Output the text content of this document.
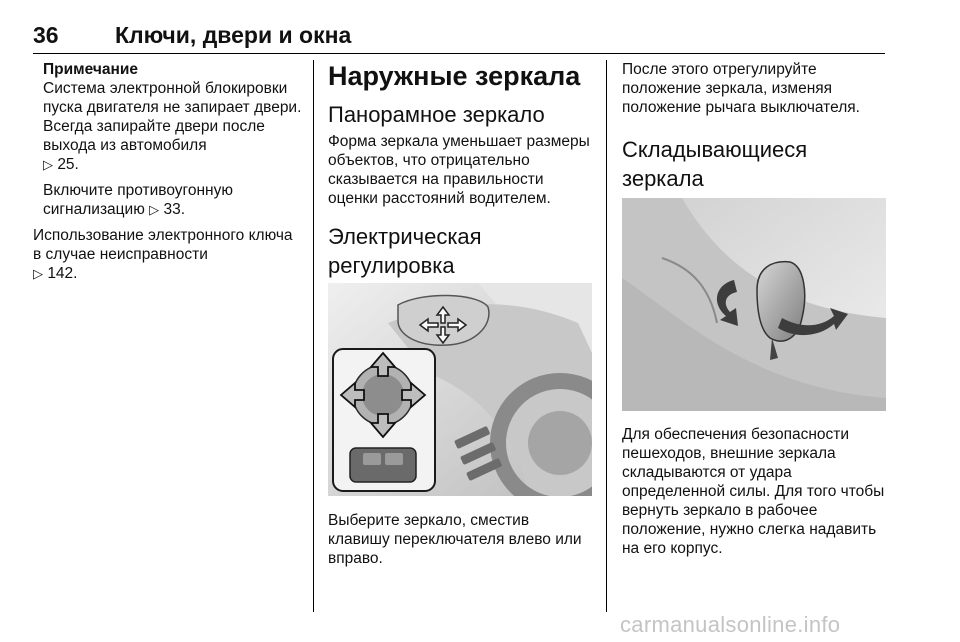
36 Ключи, двери и окна

Примечание

Система электронной блокировки пуска двигателя не запирает двери. Всегда запирайте двери после выхода из автомобиля
▷ 25.

Включите противоугонную сигнализацию ▷ 33.

Использование электронного ключа в случае неисправности
▷ 142.

Наружные зеркала
Панорамное зеркало

Форма зеркала уменьшает размеры объектов, что отрицательно сказывается на правильности оценки расстояний водителем.

Электрическая регулировка

Выберите зеркало, сместив клавишу переключателя влево или вправо.

После этого отрегулируйте положение зеркала, изменяя положение рычага выключателя.

Складывающиеся зеркала

Для обеспечения безопасности пешеходов, внешние зеркала складываются от удара определенной силы. Для того чтобы вернуть зеркало в рабочее положение, нужно слегка надавить на его корпус.

carmanualsonline.info
